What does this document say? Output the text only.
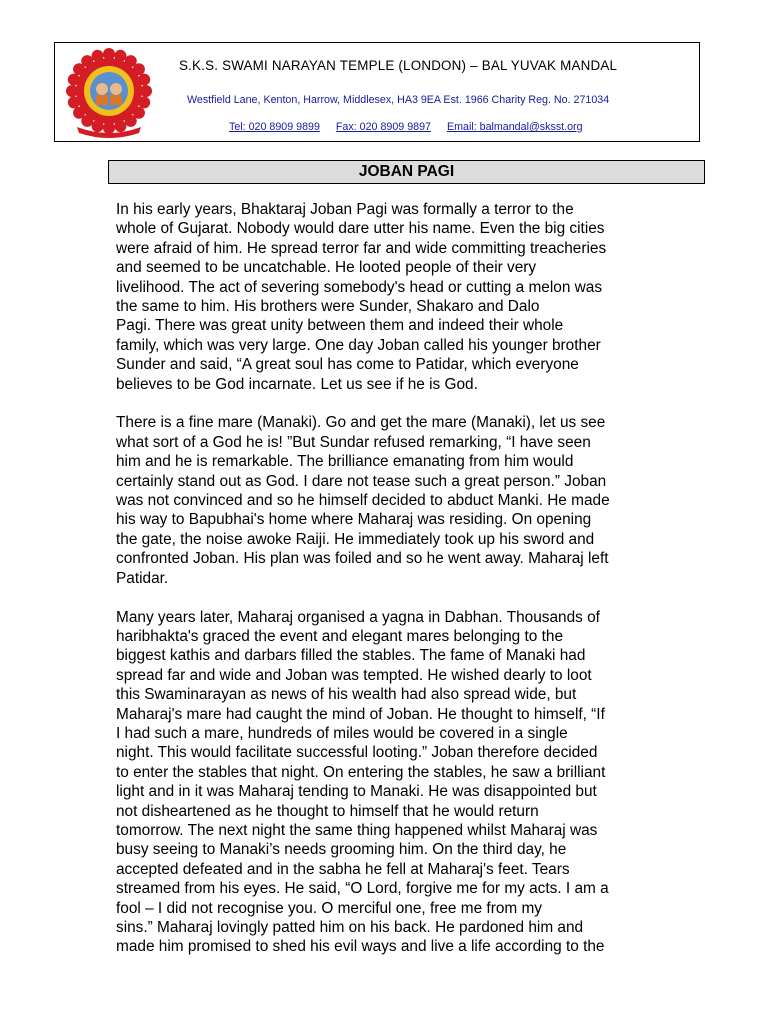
S.K.S. SWAMI NARAYAN TEMPLE (LONDON) – BAL YUVAK MANDAL
Westfield Lane, Kenton, Harrow, Middlesex, HA3 9EA Est. 1966 Charity Reg. No. 271034
Tel: 020 8909 9899 Fax: 020 8909 9897 Email: balmandal@sksst.org
JOBAN PAGI

In his early years, Bhaktaraj Joban Pagi was formally a terror to the
whole of Gujarat. Nobody would dare utter his name. Even the big cities
were afraid of him. He spread terror far and wide committing treacheries
and seemed to be uncatchable. He looted people of their very
livelihood. The act of severing somebody's head or cutting a melon was
the same to him. His brothers were Sunder, Shakaro and Dalo
Pagi. There was great unity between them and indeed their whole
family, which was very large. One day Joban called his younger brother
Sunder and said, “A great soul has come to Patidar, which everyone
believes to be God incarnate. Let us see if he is God.

There is a fine mare (Manaki). Go and get the mare (Manaki), let us see
what sort of a God he is! ”But Sundar refused remarking, “I have seen
him and he is remarkable. The brilliance emanating from him would
certainly stand out as God. I dare not tease such a great person.” Joban
was not convinced and so he himself decided to abduct Manki. He made
his way to Bapubhai's home where Maharaj was residing. On opening
the gate, the noise awoke Raiji. He immediately took up his sword and
confronted Joban. His plan was foiled and so he went away. Maharaj left
Patidar.

Many years later, Maharaj organised a yagna in Dabhan. Thousands of
haribhakta's graced the event and elegant mares belonging to the
biggest kathis and darbars filled the stables. The fame of Manaki had
spread far and wide and Joban was tempted. He wished dearly to loot
this Swaminarayan as news of his wealth had also spread wide, but
Maharaj's mare had caught the mind of Joban. He thought to himself, “If
I had such a mare, hundreds of miles would be covered in a single
night. This would facilitate successful looting.” Joban therefore decided
to enter the stables that night. On entering the stables, he saw a brilliant
light and in it was Maharaj tending to Manaki. He was disappointed but
not disheartened as he thought to himself that he would return
tomorrow. The next night the same thing happened whilst Maharaj was
busy seeing to Manaki’s needs grooming him. On the third day, he
accepted defeated and in the sabha he fell at Maharaj's feet. Tears
streamed from his eyes. He said, “O Lord, forgive me for my acts. I am a
fool – I did not recognise you. O merciful one, free me from my
sins.” Maharaj lovingly patted him on his back. He pardoned him and
made him promised to shed his evil ways and live a life according to the
